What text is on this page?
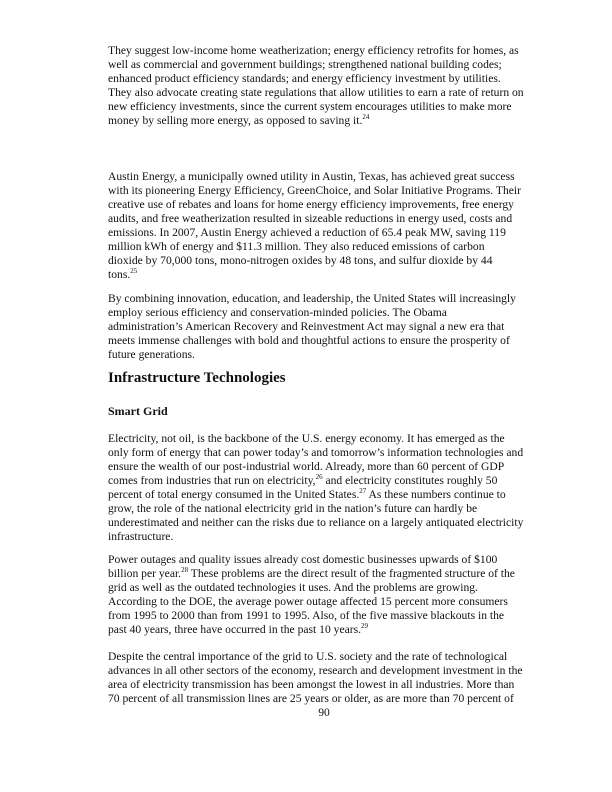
They suggest low-income home weatherization; energy efficiency retrofits for homes, as
well as commercial and government buildings; strengthened national building codes;
enhanced product efficiency standards; and energy efficiency investment by utilities.
They also advocate creating state regulations that allow utilities to earn a rate of return on
new efficiency investments, since the current system encourages utilities to make more
money by selling more energy, as opposed to saving it.$^{24}$

Austin Energy, a municipally owned utility in Austin, Texas, has achieved great success
with its pioneering Energy Efficiency, GreenChoice, and Solar Initiative Programs. Their
creative use of rebates and loans for home energy efficiency improvements, free energy
audits, and free weatherization resulted in sizeable reductions in energy used, costs and
emissions. In 2007, Austin Energy achieved a reduction of 65.4 peak MW, saving 119
million kWh of energy and $11.3 million. They also reduced emissions of carbon
dioxide by 70,000 tons, mono-nitrogen oxides by 48 tons, and sulfur dioxide by 44
tons.$^{25}$

By combining innovation, education, and leadership, the United States will increasingly
employ serious efficiency and conservation-minded policies. The Obama
administration’s American Recovery and Reinvestment Act may signal a new era that
meets immense challenges with bold and thoughtful actions to ensure the prosperity of
future generations.

Infrastructure Technologies
Smart Grid

Electricity, not oil, is the backbone of the U.S. energy economy. It has emerged as the
only form of energy that can power today’s and tomorrow’s information technologies and
ensure the wealth of our post-industrial world. Already, more than 60 percent of GDP
comes from industries that run on electricity,$^{26}$ and electricity constitutes roughly 50
percent of total energy consumed in the United States.$^{27}$ As these numbers continue to
grow, the role of the national electricity grid in the nation’s future can hardly be
underestimated and neither can the risks due to reliance on a largely antiquated electricity
infrastructure.

Power outages and quality issues already cost domestic businesses upwards of $100
billion per year.$^{28}$ These problems are the direct result of the fragmented structure of the
grid as well as the outdated technologies it uses. And the problems are growing.
According to the DOE, the average power outage affected 15 percent more consumers
from 1995 to 2000 than from 1991 to 1995. Also, of the five massive blackouts in the
past 40 years, three have occurred in the past 10 years.$^{29}$

Despite the central importance of the grid to U.S. society and the rate of technological
advances in all other sectors of the economy, research and development investment in the
area of electricity transmission has been amongst the lowest in all industries. More than
70 percent of all transmission lines are 25 years or older, as are more than 70 percent of

90
